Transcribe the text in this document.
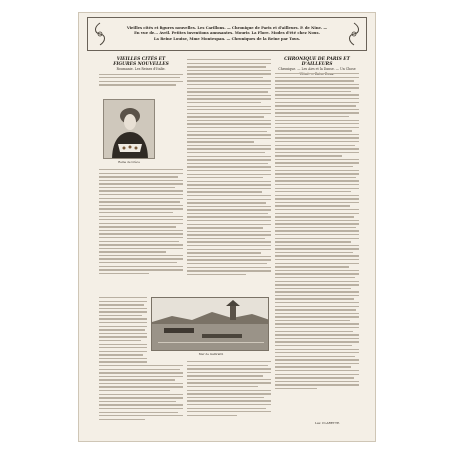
Vieilles cités et figures nouvelles. Les Carillons. — Chronique de Paris et d'ailleurs. P. de Nine. —
En vue de... Avril. Petites inventions amusantes. Mourir. La Flore. Modes d'été chez Nous.
La Reine Louise, Mme Montespan. — Chroniques de la Reine par Tous.
VIEILLES CITÉS ET
FIGURES NOUVELLES
Roumanie. Les Reines d'Italie.
Reine de Grèce
Mer de Galbraith
CHRONIQUE DE PARIS ET D'AILLEURS
Chronique. — Les Airs et la Danse. — Un Chose
Lav. CLARETTE.
